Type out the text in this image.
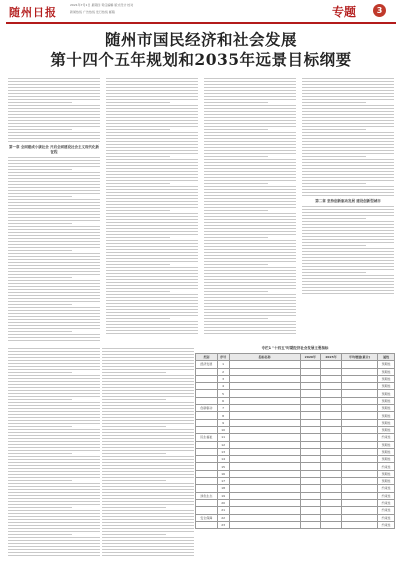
随州日报
2021年7月1日 星期四 责任编辑 版式设计 校对
新闻热线 广告热线 发行热线 邮箱	专题	3
随州市国民经济和社会发展
第十四个五年规划和2035年远景目标纲要
第一章 全面建成小康社会 开启全面建设社会主义现代化新征程
第二章 坚持创新驱动发展 建设创新型城市
专栏1 "十四五"时期经济社会发展主要指标
类别	序号	指标名称	2020年	2025年	年均增速[累计]	属性
经济发展	1					预期性
	2					预期性
	3					预期性
	4					预期性
	5					预期性
	6					预期性
创新驱动	7					预期性
	8					预期性
	9					预期性
	10					预期性
民生福祉	11					约束性
	12					预期性
	13					预期性
	14					预期性
	15					约束性
	16					预期性
	17					预期性
	18					约束性
绿色生态	19					约束性
	20					约束性
	21					约束性
安全保障	22					约束性
	23					约束性
